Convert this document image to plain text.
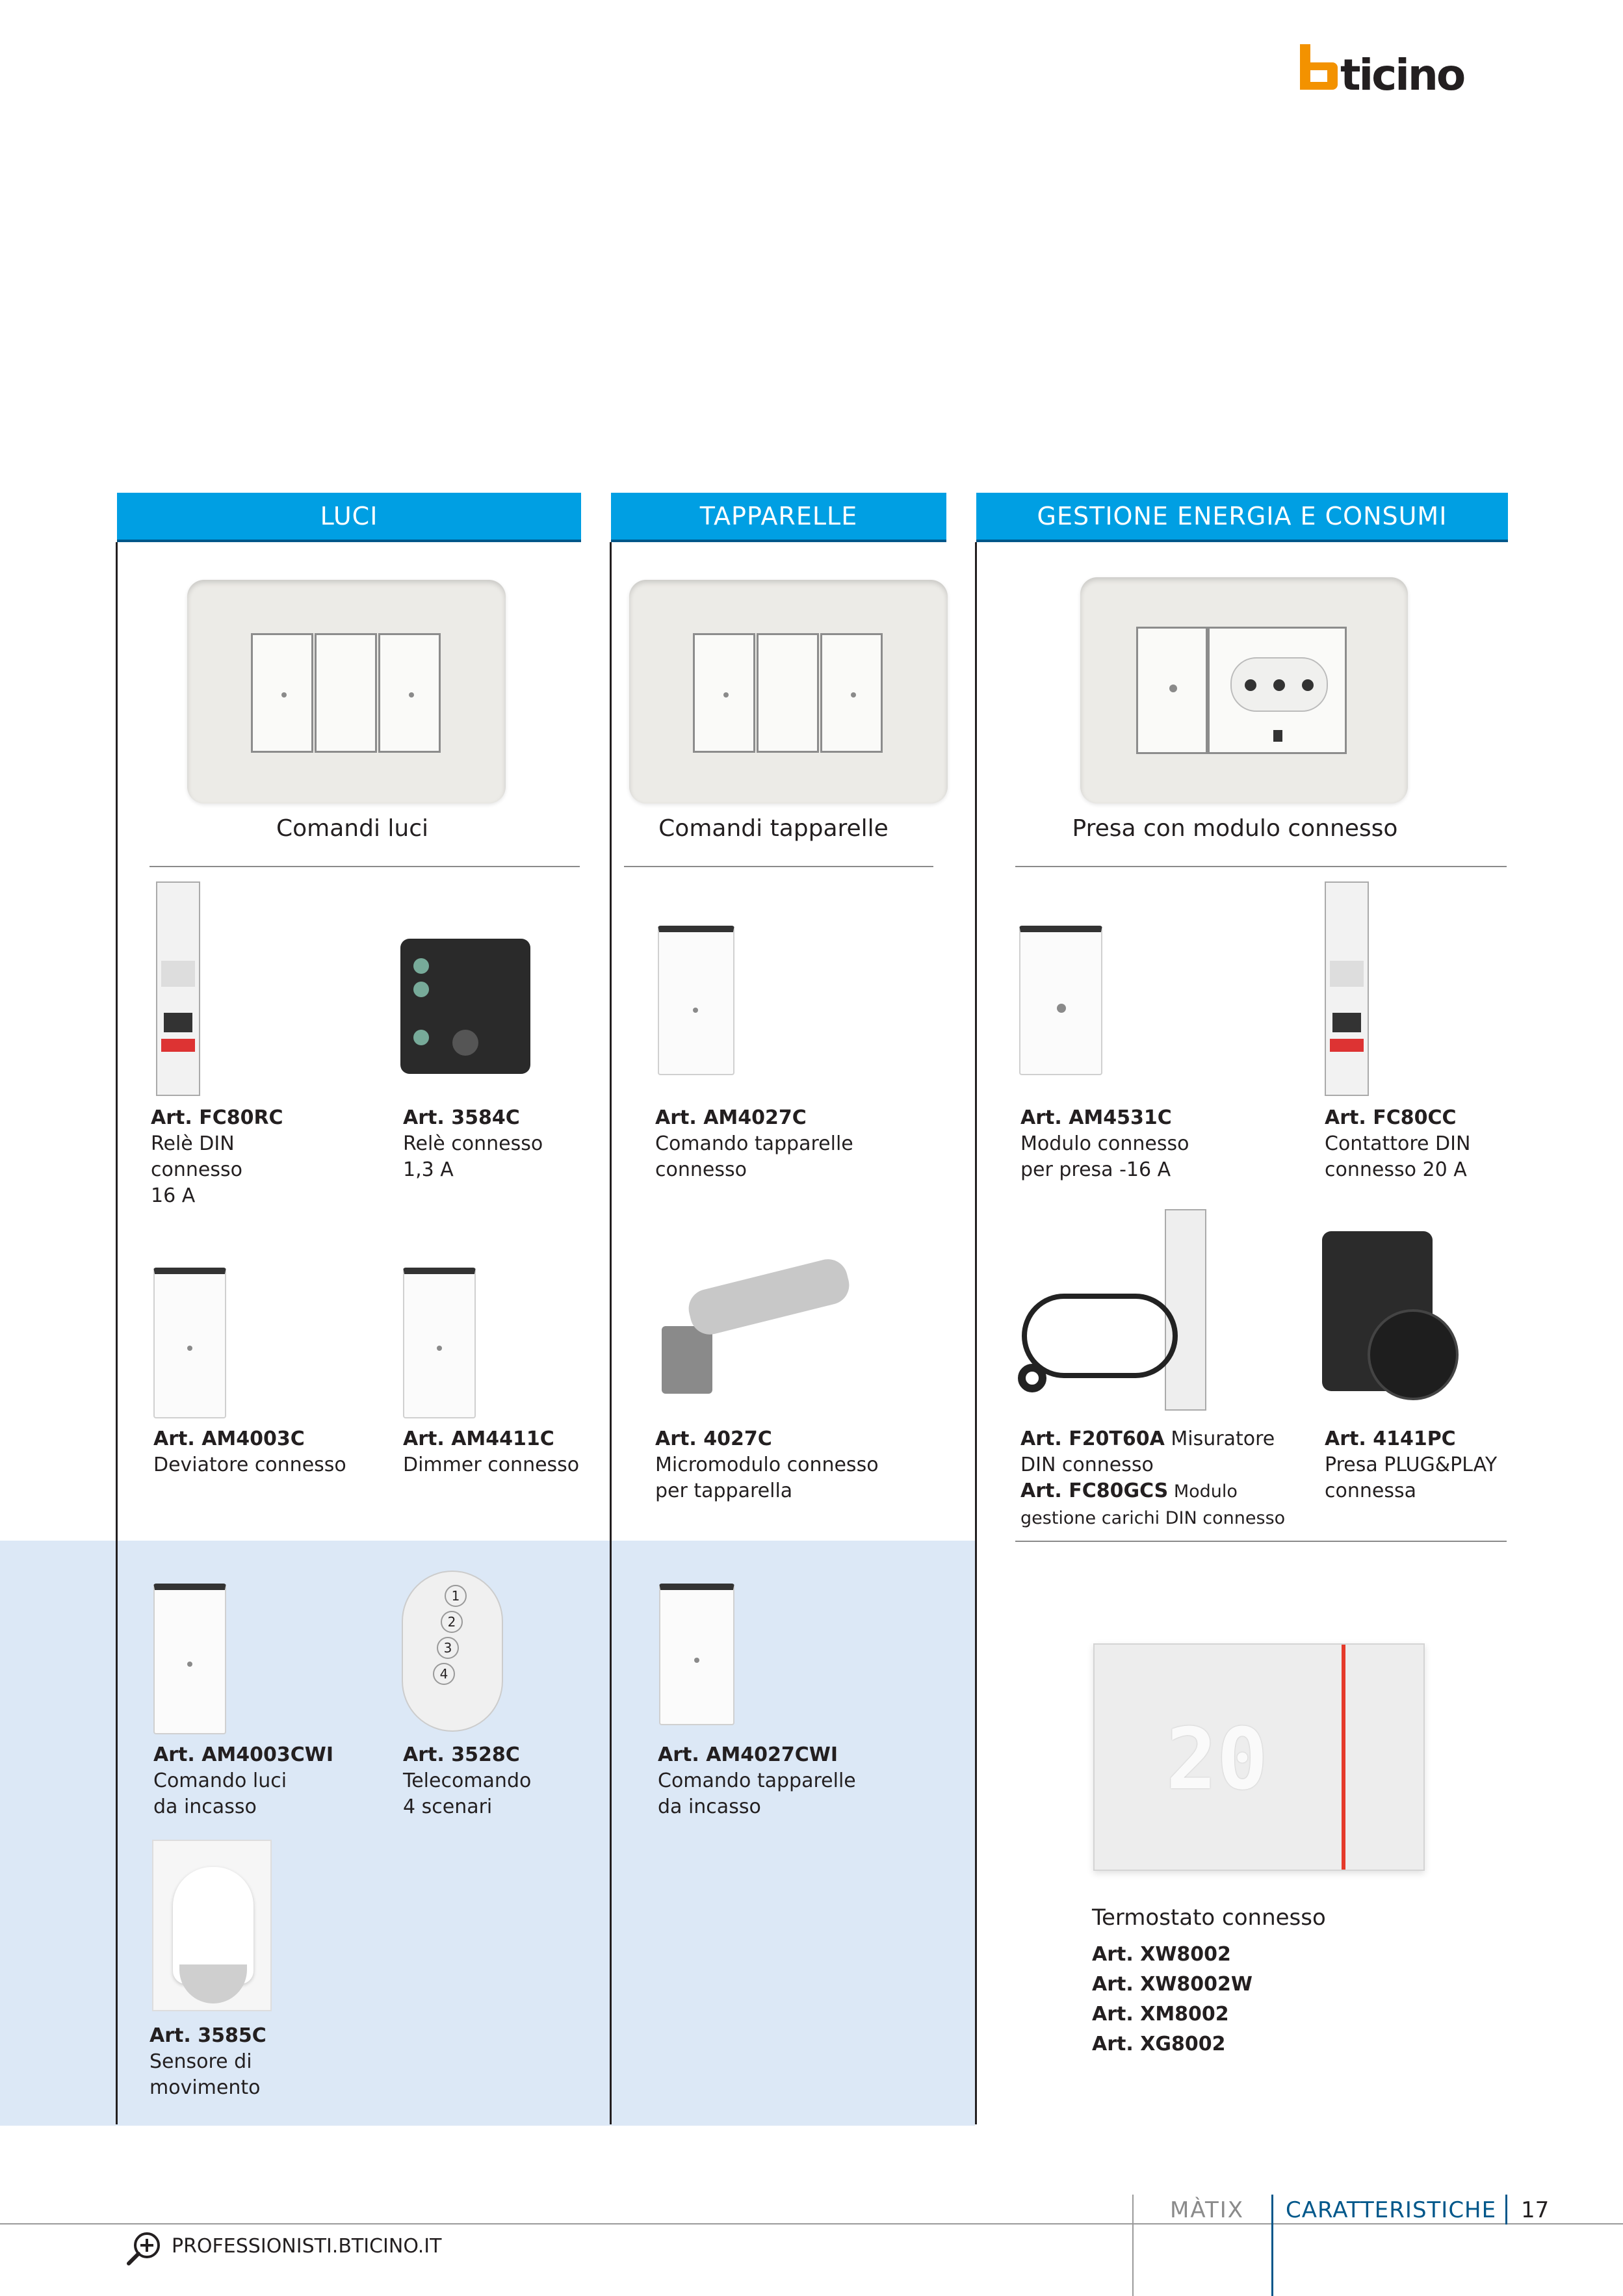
ticino
LUCI	TAPPARELLE	GESTIONE ENERGIA E CONSUMI
Comandi luci	Comandi tapparelle	Presa con modulo connesso
Art. FC80RC
Relè DIN
connesso
16 A
Art. 3584C
Relè connesso
1,3 A
Art. AM4027C
Comando tapparelle
connesso
Art. AM4531C
Modulo connesso
per presa -16 A
Art. FC80CC
Contattore DIN
connesso 20 A
Art. AM4003C
Deviatore connesso
Art. AM4411C
Dimmer connesso
Art. 4027C
Micromodulo connesso
per tapparella
Art. F20T60A Misuratore
DIN connesso
Art. FC80GCS Modulo
gestione carichi DIN connesso
Art. 4141PC
Presa PLUG&PLAY
connessa
1
2
3
4
Art. AM4003CWI
Comando luci
da incasso
Art. 3528C
Telecomando
4 scenari
Art. AM4027CWI
Comando tapparelle
da incasso
Art. 3585C
Sensore di
movimento
20
Termostato connesso
Art. XW8002
Art. XW8002W
Art. XM8002
Art. XG8002
MÀTIX CARATTERISTICHE 17
PROFESSIONISTI.BTICINO.IT
